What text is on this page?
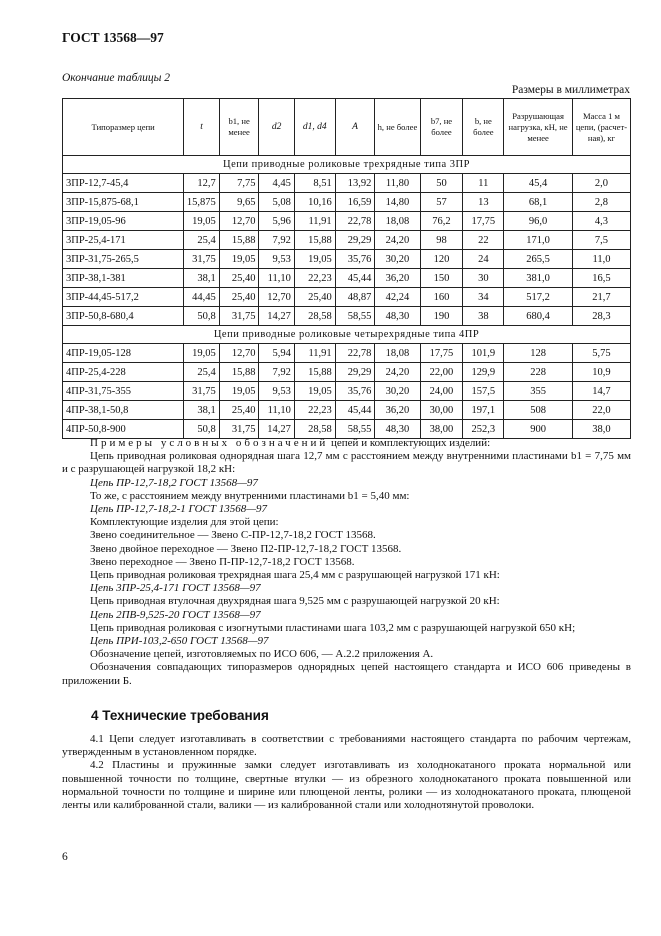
ГОСТ 13568—97
Окончание таблицы 2
Размеры в миллиметрах
Типоразмер цепи	t	b1, не менее	d2	d1, d4	A	h, не более	b7, не более	b, не более	Разрушающая нагрузка, кН, не менее	Масса 1 м цепи, (расчетная), кг
Цепи приводные роликовые трехрядные типа 3ПР										
3ПР-12,7-45,4	12,7	7,75	4,45	8,51	13,92	11,80	50	11	45,4	2,0
3ПР-15,875-68,1	15,875	9,65	5,08	10,16	16,59	14,80	57	13	68,1	2,8
3ПР-19,05-96	19,05	12,70	5,96	11,91	22,78	18,08	76,2	17,75	96,0	4,3
3ПР-25,4-171	25,4	15,88	7,92	15,88	29,29	24,20	98	22	171,0	7,5
3ПР-31,75-265,5	31,75	19,05	9,53	19,05	35,76	30,20	120	24	265,5	11,0
3ПР-38,1-381	38,1	25,40	11,10	22,23	45,44	36,20	150	30	381,0	16,5
3ПР-44,45-517,2	44,45	25,40	12,70	25,40	48,87	42,24	160	34	517,2	21,7
3ПР-50,8-680,4	50,8	31,75	14,27	28,58	58,55	48,30	190	38	680,4	28,3
Цепи приводные роликовые четырехрядные типа 4ПР										
4ПР-19,05-128	19,05	12,70	5,94	11,91	22,78	18,08	17,75	101,9	128	5,75
4ПР-25,4-228	25,4	15,88	7,92	15,88	29,29	24,20	22,00	129,9	228	10,9
4ПР-31,75-355	31,75	19,05	9,53	19,05	35,76	30,20	24,00	157,5	355	14,7
4ПР-38,1-50,8	38,1	25,40	11,10	22,23	45,44	36,20	30,00	197,1	508	22,0
4ПР-50,8-900	50,8	31,75	14,27	28,58	58,55	48,30	38,00	252,3	900	38,0

Примеры условных обозначений цепей и комплектующих изделий:

Цепь приводная роликовая однорядная шага 12,7 мм с расстоянием между внутренними пластинами b1 = 7,75 мм и с разрушающей нагрузкой 18,2 кН:

Цепь ПР-12,7-18,2 ГОСТ 13568—97

То же, с расстоянием между внутренними пластинами b1 = 5,40 мм:

Цепь ПР-12,7-18,2-1 ГОСТ 13568—97

Комплектующие изделия для этой цепи:

Звено соединительное — Звено С-ПР-12,7-18,2 ГОСТ 13568.

Звено двойное переходное — Звено П2-ПР-12,7-18,2 ГОСТ 13568.

Звено переходное — Звено П-ПР-12,7-18,2 ГОСТ 13568.

Цепь приводная роликовая трехрядная шага 25,4 мм с разрушающей нагрузкой 171 кН:

Цепь 3ПР-25,4-171 ГОСТ 13568—97

Цепь приводная втулочная двухрядная шага 9,525 мм с разрушающей нагрузкой 20 кН:

Цепь 2ПВ-9,525-20 ГОСТ 13568—97

Цепь приводная роликовая с изогнутыми пластинами шага 103,2 мм с разрушающей нагрузкой 650 кН;

Цепь ПРИ-103,2-650 ГОСТ 13568—97

Обозначение цепей, изготовляемых по ИСО 606, — А.2.2 приложения А.

Обозначения совпадающих типоразмеров однорядных цепей настоящего стандарта и ИСО 606 приведены в приложении Б.

4 Технические требования

4.1 Цепи следует изготавливать в соответствии с требованиями настоящего стандарта по рабочим чертежам, утвержденным в установленном порядке.

4.2 Пластины и пружинные замки следует изготавливать из холоднокатаного проката нормальной или повышенной точности по толщине, свертные втулки — из обрезного холоднокатаного проката повышенной или нормальной точности по толщине и ширине или плющеной ленты, ролики — из холоднокатаного проката, плющеной ленты или калиброванной стали, валики — из калиброванной стали или холоднотянутой проволоки.

6
